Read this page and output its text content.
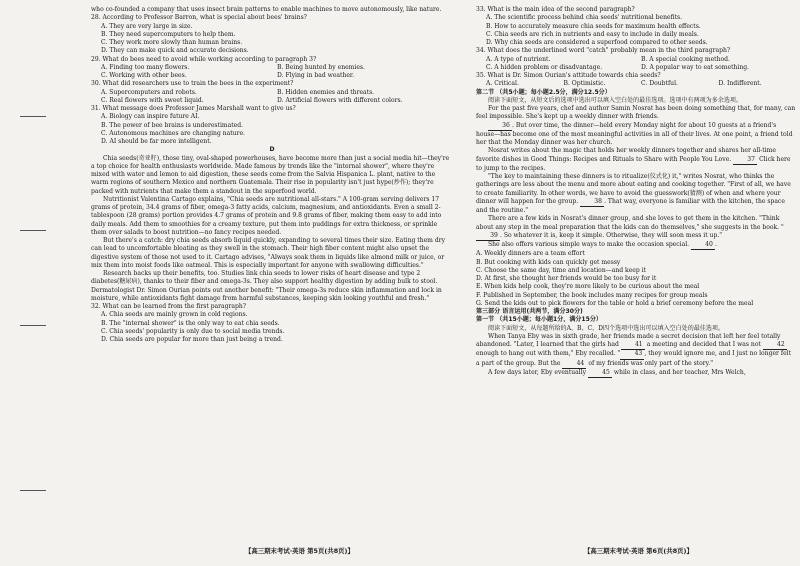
who co-founded a company that uses insect brain patterns to enable machines to move autonomously, like nature.

28. According to Professor Barron, what is special about bees' brains?

A. They are very large in size.

B. They need supercomputers to help them.

C. They work more slowly than human brains.

D. They can make quick and accurate decisions.

29. What do bees need to avoid while working according to paragraph 3?

A. Finding too many flowers.	B. Being hunted by enemies.
C. Working with other bees.	D. Flying in bad weather.

30. What did researchers use to train the bees in the experiment?

A. Supercomputers and robots.	B. Hidden enemies and threats.
C. Real flowers with sweet liquid.	D. Artificial flowers with different colors.

31. What message does Professor James Marshall want to give us?

A. Biology can inspire future AI.

B. The power of bee brains is underestimated.

C. Autonomous machines are changing nature.

D. AI should be far more intelligent.

D

Chia seeds(奇亚籽), those tiny, oval-shaped powerhouses, have become more than just a social media hit—they're a top choice for health enthusiasts worldwide. Made famous by trends like the "internal shower", where they're mixed with water and lemon to aid digestion, these seeds come from the Salvia Hispanica L. plant, native to the warm regions of southern Mexico and northern Guatemala. Their rise in popularity isn't just hype(炒作); they're packed with nutrients that make them a standout in the superfood world.

Nutritionist Valentina Cartago explains, "Chia seeds are nutritional all-stars." A 100-gram serving delivers 17 grams of protein, 34.4 grams of fiber, omega-3 fatty acids, calcium, magnesium, and antioxidants. Even a small 2-tablespoon (28 grams) portion provides 4.7 grams of protein and 9.8 grams of fiber, making them easy to add into daily meals. Add them to smoothies for a creamy texture, put them into puddings for extra thickness, or sprinkle them over salads to boost nutrition—no fancy recipes needed.

But there's a catch: dry chia seeds absorb liquid quickly, expanding to several times their size. Eating them dry can lead to uncomfortable bloating as they swell in the stomach. Their high fiber content might also upset the digestive system of those not used to it. Cartago advises, "Always soak them in liquids like almond milk or juice, or mix them into moist foods like oatmeal. This is especially important for anyone with swallowing difficulties."

Research backs up their benefits, too. Studies link chia seeds to lower risks of heart disease and type 2 diabetes(糖尿病), thanks to their fiber and omega-3s. They also support healthy digestion by adding bulk to stool. Dermatologist Dr. Simon Ourian points out another benefit: "Their omega-3s reduce skin inflammation and lock in moisture, while antioxidants fight damage from harmful substances, keeping skin looking youthful and fresh."

32. What can be learned from the first paragraph?

A. Chia seeds are mainly grown in cold regions.

B. The "internal shower" is the only way to eat chia seeds.

C. Chia seeds' popularity is only due to social media trends.

D. Chia seeds are popular for more than just being a trend.

【高三期末考试·英语 第5页(共8页)】

33. What is the main idea of the second paragraph?

A. The scientific process behind chia seeds' nutritional benefits.

B. How to accurately measure chia seeds for maximum health effects.

C. Chia seeds are rich in nutrients and easy to include in daily meals.

D. Why chia seeds are considered a superfood compared to other seeds.

34. What does the underlined word "catch" probably mean in the third paragraph?

A. A type of nutrient.	B. A special cooking method.
C. A hidden problem or disadvantage.	D. A popular way to eat something.

35. What is Dr. Simon Ourian's attitude towards chia seeds?

A. Critical.	B. Optimistic.	C. Doubtful.	D. Indifferent.

第二节 （共5小题；每小题2.5分，满分12.5分）

阅读下面短文，从短文后的选项中选出可以填入空白处的最佳选项。选项中有两项为多余选项。

For the past five years, chef and author Samin Nosrat has been doing something that, for many, can feel impossible. She's kept up a weekly dinner with friends.

36 . But over time, the dinner—held every Monday night for about 10 guests at a friend's house—has become one of the most meaningful activities in all of their lives. At one point, a friend told her that the Monday dinner was her church.

Nosrat writes about the magic that holds her weekly dinners together and shares her all-time favorite dishes in Good Things: Recipes and Rituals to Share with People You Love.	37 Click here to jump to the recipes.

"The key to maintaining these dinners is to ritualize(仪式化) it," writes Nosrat, who thinks the gatherings are less about the menu and more about eating and cooking together. "First of all, we have to create familiarity. In other words, we have to avoid the guesswork(猜测) of when and where your dinner will happen for the group.	38 . That way, everyone is familiar with the kitchen, the space and the routine."

There are a few kids in Nosrat's dinner group, and she loves to get them in the kitchen. "Think about any step in the meal preparation that the kids can do themselves," she suggests in the book. "39 . So whatever it is, keep it simple. Otherwise, they will soon mess it up."

She also offers various simple ways to make the occasion special.	40 .

A. Weekly dinners are a team effort

B. But cooking with kids can quickly get messy

C. Choose the same day, time and location—and keep it

D. At first, she thought her friends would be too busy for it

E. When kids help cook, they're more likely to be curious about the meal

F. Published in September, the book includes many recipes for group meals

G. Send the kids out to pick flowers for the table or hold a brief ceremony before the meal

第三部分 语言运用(共两节，满分30分)

第一节 （共15小题；每小题1分，满分15分）

阅读下面短文，从每题所给的A、B、C、D四个选项中选出可以填入空白处的最佳选项。

When Tanya Eby was in sixth grade, her friends made a secret decision that left her feel totally abandoned. "Later, I learned that the girls had	41 a meeting and decided that I was not	42 enough to hang out with them," Eby recalled. " 43 , they would ignore me, and I just no longer felt a part of the group. But the	44 of my friends was only part of the story."

A few days later, Eby eventually	45 while in class, and her teacher, Mrs Welch,

【高三期末考试·英语 第6页(共8页)】
